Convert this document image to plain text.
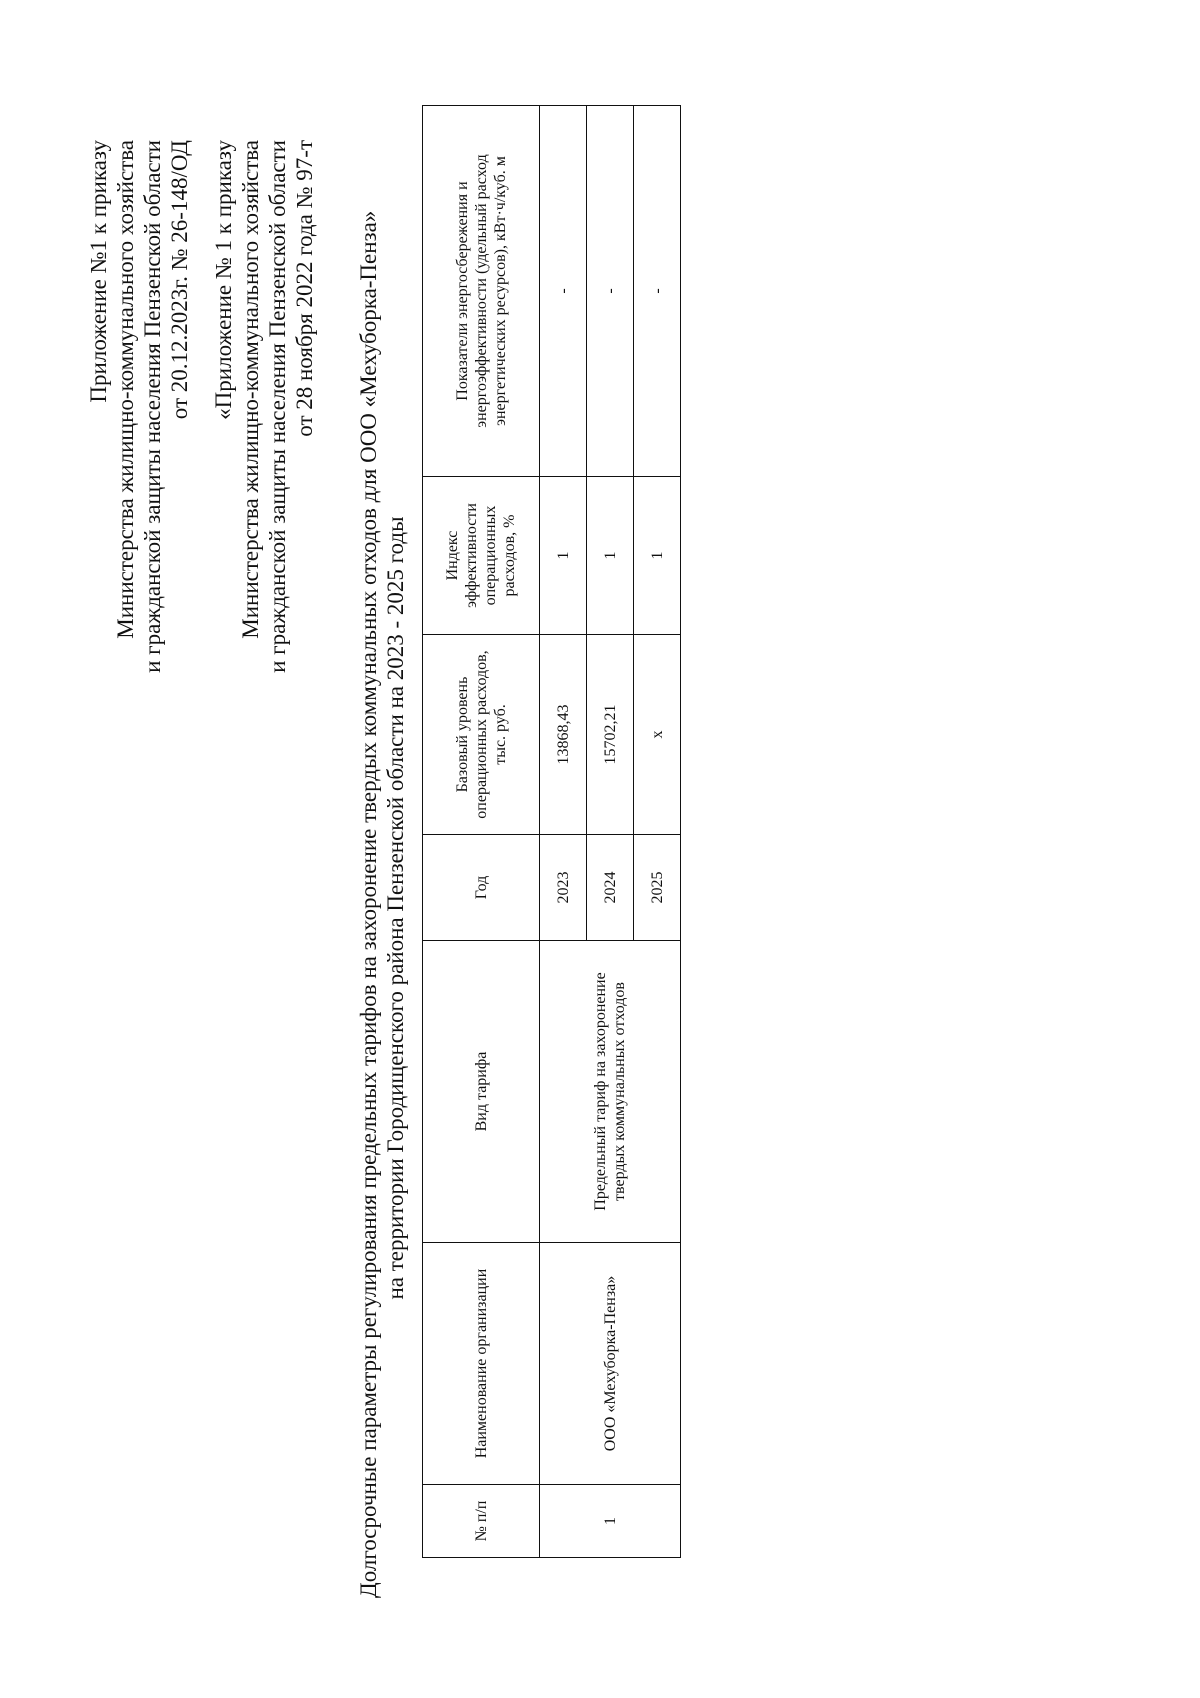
Приложение №1 к приказу Министерства жилищно-коммунального хозяйства и гражданской защиты населения Пензенской области от 20.12.2023г. № 26-148/ОД «Приложение № 1 к приказу Министерства жилищно-коммунального хозяйства и гражданской защиты населения Пензенской области от 28 ноября 2022 года № 97-т Долгосрочные параметры регулирования предельных тарифов на захоронение твердых коммунальных отходов для ООО «Мехуборка-Пенза» на территории Городищенского района Пензенской области на 2023 - 2025 годы
№ п/п	Наименование организации	Вид тарифа	Год	Базовый уровень операционных расходов, тыс. руб.	Индекс эффективности операционных расходов, %	Показатели энергосбережения и энергоэффективности (удельный расход энергетических ресурсов), кВт·ч/куб. м
1	ООО «Мехуборка-Пенза»	Предельный тариф на захоронение твердых коммунальных отходов	2023	13868,43	1	-
			2024	15702,21	1	-
			2025	х	1	-
